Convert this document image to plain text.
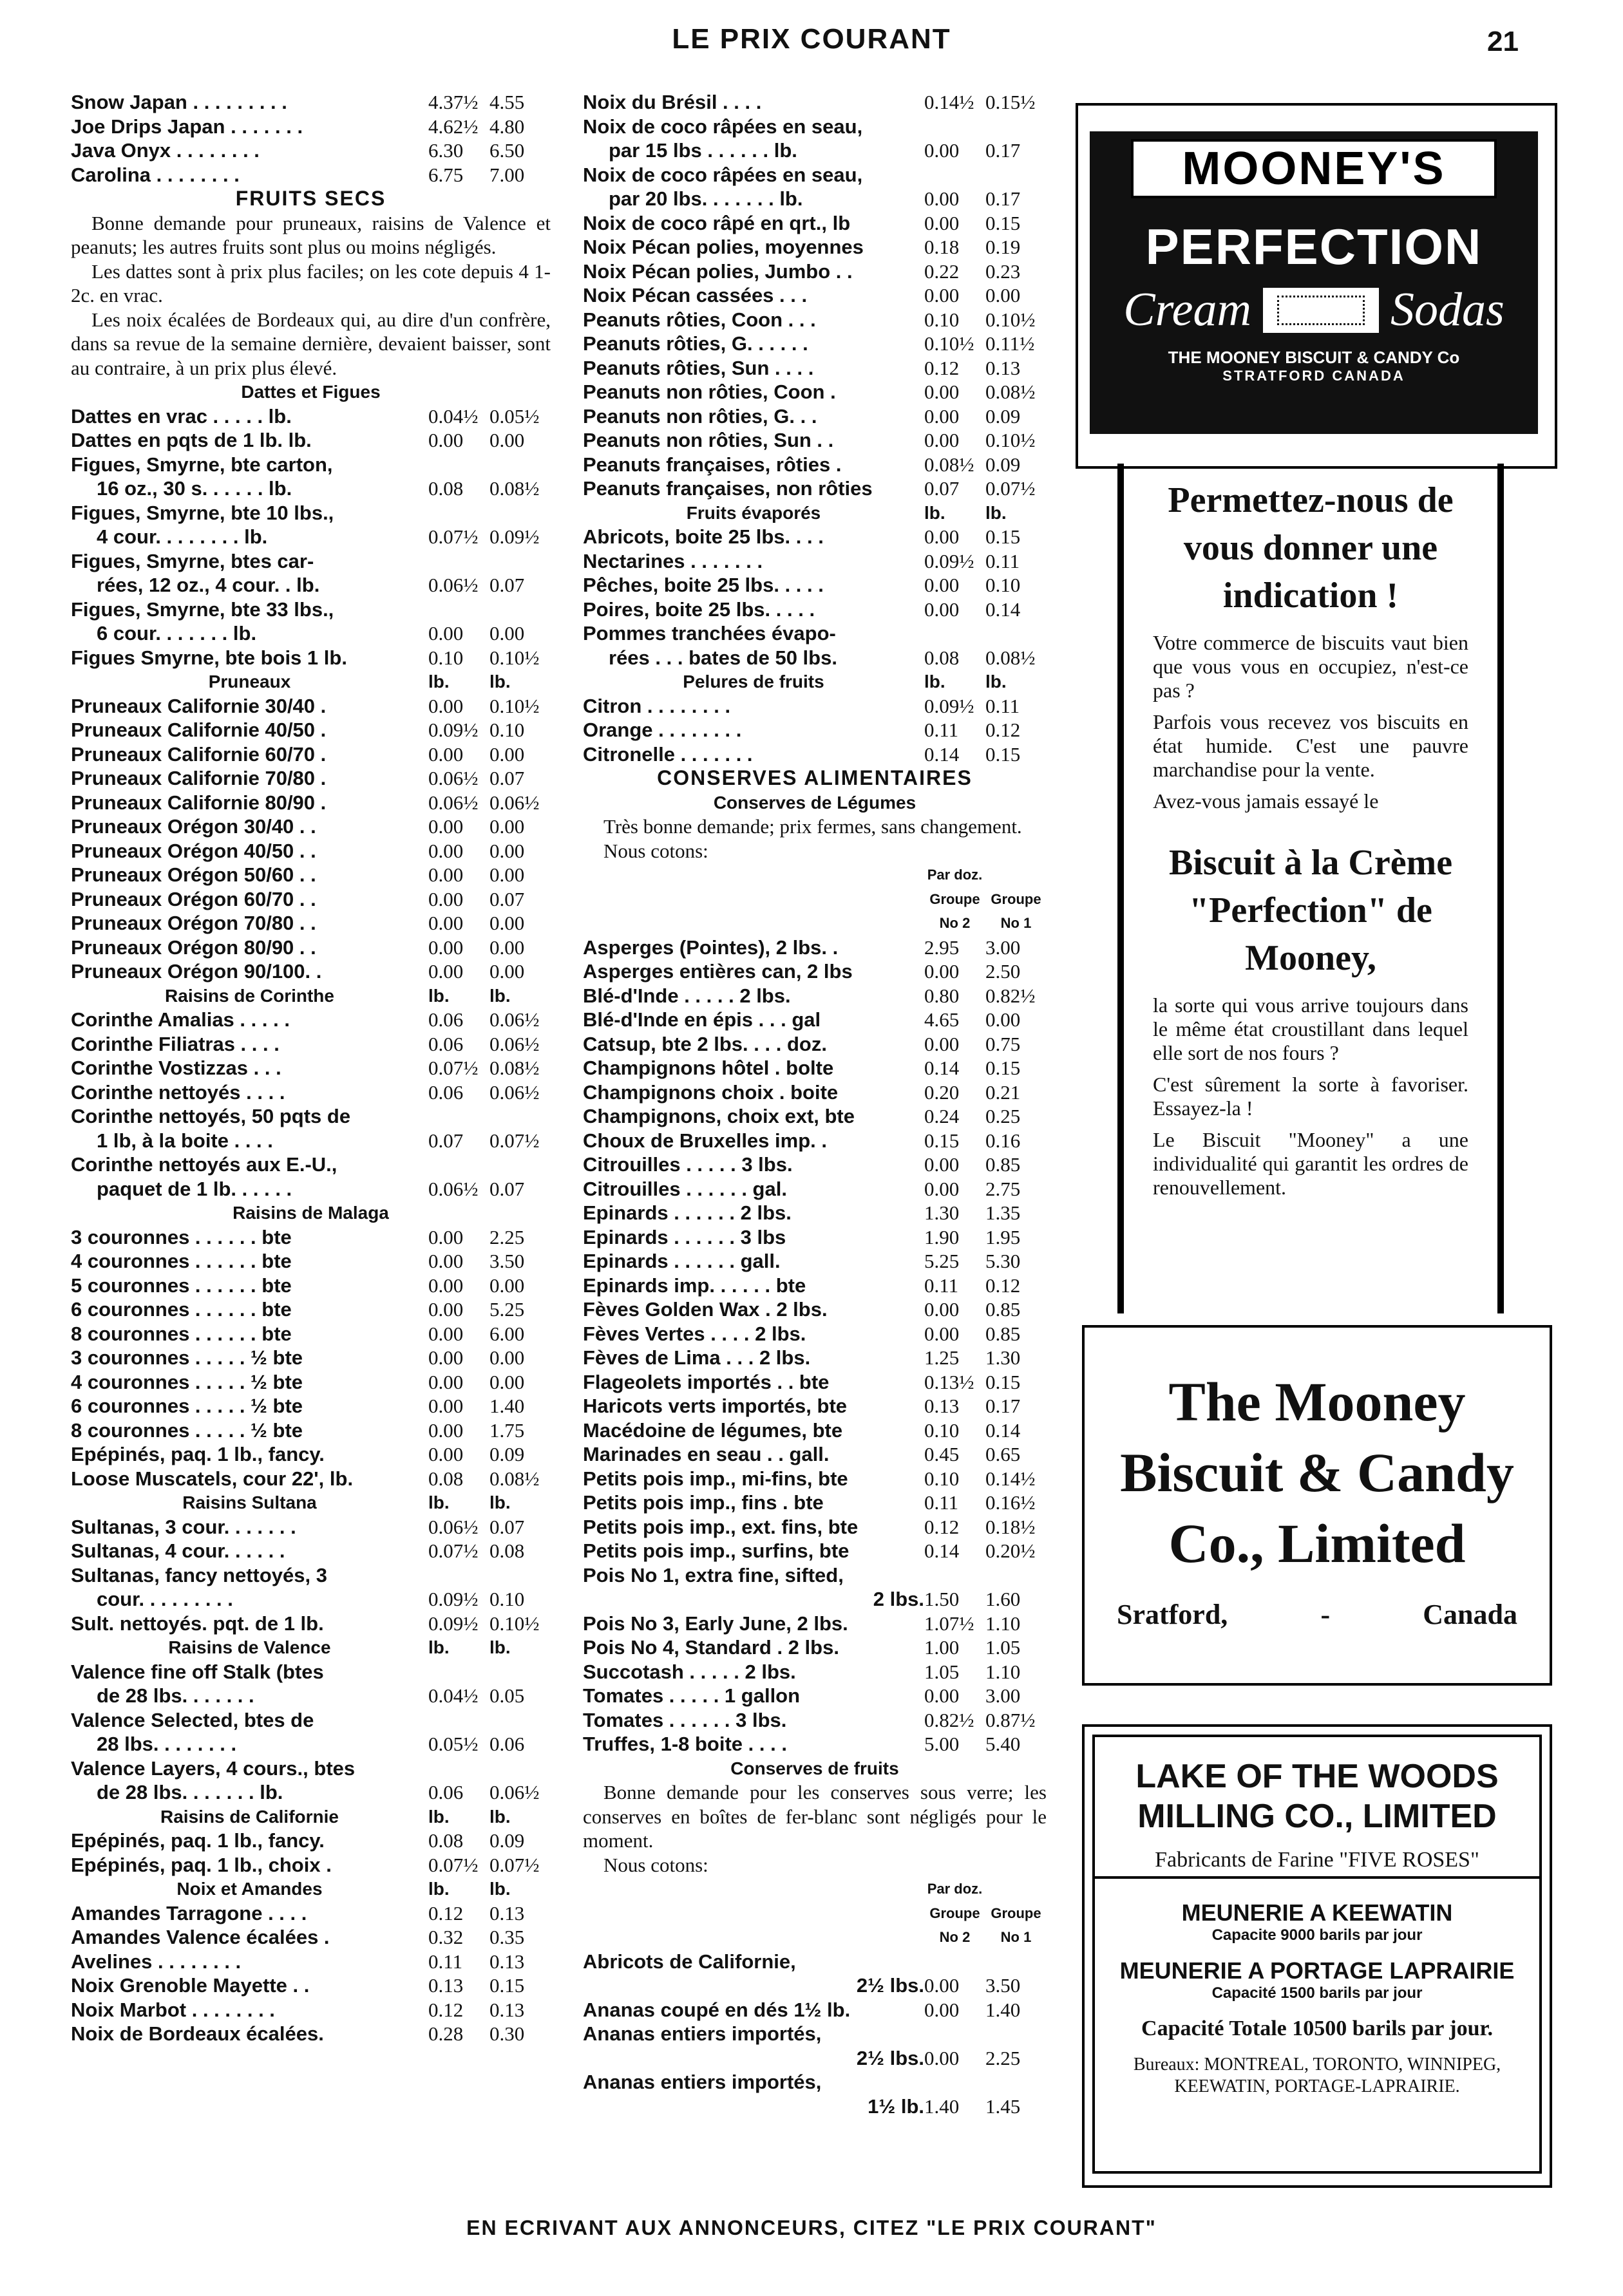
LE PRIX COURANT	21
Snow Japan . . . . . . . . .	4.37½ 4.55
Joe Drips Japan . . . . . . .	4.62½ 4.80
Java Onyx . . . . . . . .	6.30	6.50
Carolina . . . . . . . .	6.75	7.00
FRUITS SECS
Bonne demande pour pruneaux, raisins de Valence et peanuts; les autres fruits sont plus ou moins négligés.
Les dattes sont à prix plus faciles; on les cote depuis 4 1-2c. en vrac.
Les noix écalées de Bordeaux qui, au dire d'un confrère, dans sa revue de la semaine dernière, devaient baisser, sont au contraire, à un prix plus élevé.
Dattes et Figues
Dattes en vrac . . . . . lb.	0.04½ 0.05½
Dattes en pqts de 1 lb. lb.	0.00	0.00
Figues, Smyrne, bte carton,
16 oz., 30 s. . . . . . lb.	0.08	0.08½
Figues, Smyrne, bte 10 lbs.,
4 cour. . . . . . . . lb.	0.07½ 0.09½
Figues, Smyrne, btes car-
rées, 12 oz., 4 cour. . lb.	0.06½ 0.07
Figues, Smyrne, bte 33 lbs.,
6 cour. . . . . . . lb.	0.00	0.00
Figues Smyrne, bte bois 1 lb.	0.10	0.10½
Pruneaux	lb.	lb.
Pruneaux Californie 30/40 .	0.00	0.10½
Pruneaux Californie 40/50 .	0.09½ 0.10
Pruneaux Californie 60/70 .	0.00	0.00
Pruneaux Californie 70/80 .	0.06½ 0.07
Pruneaux Californie 80/90 .	0.06½ 0.06½
Pruneaux Orégon 30/40 . .	0.00	0.00
Pruneaux Orégon 40/50 . .	0.00	0.00
Pruneaux Orégon 50/60 . .	0.00	0.00
Pruneaux Orégon 60/70 . .	0.00	0.07
Pruneaux Orégon 70/80 . .	0.00	0.00
Pruneaux Orégon 80/90 . .	0.00	0.00
Pruneaux Orégon 90/100. .	0.00	0.00
Raisins de Corinthe	lb.	lb.
Corinthe Amalias . . . . .	0.06	0.06½
Corinthe Filiatras . . . .	0.06	0.06½
Corinthe Vostizzas . . .	0.07½ 0.08½
Corinthe nettoyés . . . .	0.06	0.06½
Corinthe nettoyés, 50 pqts de
1 lb, à la boite . . . .	0.07	0.07½
Corinthe nettoyés aux E.-U.,
paquet de 1 lb. . . . . .	0.06½ 0.07
Raisins de Malaga
3 couronnes . . . . . . bte	0.00	2.25
4 couronnes . . . . . . bte	0.00	3.50
5 couronnes . . . . . . bte	0.00	0.00
6 couronnes . . . . . . bte	0.00	5.25
8 couronnes . . . . . . bte	0.00	6.00
3 couronnes . . . . . ½ bte	0.00	0.00
4 couronnes . . . . . ½ bte	0.00	0.00
6 couronnes . . . . . ½ bte	0.00	1.40
8 couronnes . . . . . ½ bte	0.00	1.75
Epépinés, paq. 1 lb., fancy.	0.00	0.09
Loose Muscatels, cour 22', lb.	0.08	0.08½
Raisins Sultana	lb.	lb.
Sultanas, 3 cour. . . . . . .	0.06½ 0.07
Sultanas, 4 cour. . . . . .	0.07½ 0.08
Sultanas, fancy nettoyés, 3
cour. . . . . . . . .	0.09½ 0.10
Sult. nettoyés. pqt. de 1 lb.	0.09½ 0.10½
Raisins de Valence	lb.	lb.
Valence fine off Stalk (btes
de 28 lbs. . . . . . .	0.04½ 0.05
Valence Selected, btes de
28 lbs. . . . . . . .	0.05½ 0.06
Valence Layers, 4 cours., btes
de 28 lbs. . . . . . . lb.	0.06	0.06½
Raisins de Californie	lb.	lb.
Epépinés, paq. 1 lb., fancy.	0.08	0.09
Epépinés, paq. 1 lb., choix .	0.07½ 0.07½
Noix et Amandes	lb.	lb.
Amandes Tarragone . . . .	0.12	0.13
Amandes Valence écalées .	0.32	0.35
Avelines . . . . . . . .	0.11	0.13
Noix Grenoble Mayette . .	0.13	0.15
Noix Marbot . . . . . . . .	0.12	0.13
Noix de Bordeaux écalées.	0.28	0.30
Noix du Brésil . . . .	0.14½ 0.15½
Noix de coco râpées en seau,
par 15 lbs . . . . . . lb.	0.00	0.17
Noix de coco râpées en seau,
par 20 lbs. . . . . . . lb.	0.00	0.17
Noix de coco râpé en qrt., lb	0.00	0.15
Noix Pécan polies, moyennes	0.18	0.19
Noix Pécan polies, Jumbo . .	0.22	0.23
Noix Pécan cassées . . .	0.00	0.00
Peanuts rôties, Coon . . .	0.10	0.10½
Peanuts rôties, G. . . . . .	0.10½ 0.11½
Peanuts rôties, Sun . . . .	0.12	0.13
Peanuts non rôties, Coon .	0.00	0.08½
Peanuts non rôties, G. . .	0.00	0.09
Peanuts non rôties, Sun . .	0.00	0.10½
Peanuts françaises, rôties .	0.08½ 0.09
Peanuts françaises, non rôties	0.07	0.07½
Fruits évaporés	lb.	lb.
Abricots, boite 25 lbs. . . .	0.00	0.15
Nectarines . . . . . . .	0.09½ 0.11
Pêches, boite 25 lbs. . . . .	0.00	0.10
Poires, boite 25 lbs. . . . .	0.00	0.14
Pommes tranchées évapo-
rées . . . bates de 50 lbs.	0.08	0.08½
Pelures de fruits	lb.	lb.
Citron . . . . . . . .	0.09½ 0.11
Orange . . . . . . . .	0.11	0.12
Citronelle . . . . . . .	0.14	0.15
CONSERVES ALIMENTAIRES
Conserves de Légumes
Très bonne demande; prix fermes, sans changement.
Nous cotons:
Par doz.
Groupe Groupe
No 2	No 1
Asperges (Pointes), 2 lbs. .	2.95	3.00
Asperges entières can, 2 lbs	0.00	2.50
Blé-d'Inde . . . . . 2 lbs.	0.80	0.82½
Blé-d'Inde en épis . . . gal	4.65	0.00
Catsup, bte 2 lbs. . . . doz.	0.00	0.75
Champignons hôtel . bolte	0.14	0.15
Champignons choix . boite	0.20	0.21
Champignons, choix ext, bte	0.24	0.25
Choux de Bruxelles imp. .	0.15	0.16
Citrouilles . . . . . 3 lbs.	0.00	0.85
Citrouilles . . . . . . gal.	0.00	2.75
Epinards . . . . . . 2 lbs.	1.30	1.35
Epinards . . . . . . 3 lbs	1.90	1.95
Epinards . . . . . . gall.	5.25	5.30
Epinards imp. . . . . . bte	0.11	0.12
Fèves Golden Wax . 2 lbs.	0.00	0.85
Fèves Vertes . . . . 2 lbs.	0.00	0.85
Fèves de Lima . . . 2 lbs.	1.25	1.30
Flageolets importés . . bte	0.13½ 0.15
Haricots verts importés, bte	0.13	0.17
Macédoine de légumes, bte	0.10	0.14
Marinades en seau . . gall.	0.45	0.65
Petits pois imp., mi-fins, bte	0.10	0.14½
Petits pois imp., fins . bte	0.11	0.16½
Petits pois imp., ext. fins, bte	0.12	0.18½
Petits pois imp., surfins, bte	0.14	0.20½
Pois No 1, extra fine, sifted,
2 lbs. 1.50	1.60
Pois No 3, Early June, 2 lbs.	1.07½ 1.10
Pois No 4, Standard . 2 lbs.	1.00	1.05
Succotash . . . . . 2 lbs.	1.05	1.10
Tomates . . . . . 1 gallon	0.00	3.00
Tomates . . . . . . 3 lbs.	0.82½ 0.87½
Truffes, 1-8 boite . . . .	5.00	5.40
Conserves de fruits
Bonne demande pour les conserves sous verre; les conserves en boîtes de fer-blanc sont négligés pour le moment.
Nous cotons:
Par doz.
Groupe Groupe
No 2	No 1
Abricots de Californie,
2½ lbs. 0.00	3.50
Ananas coupé en dés 1½ lb.	0.00	1.40
Ananas entiers importés,
2½ lbs. 0.00	2.25
Ananas entiers importés,
1½ lb. 1.40	1.45
MOONEY'S
PERFECTION
Cream	Sodas
THE MOONEY BISCUIT & CANDY Co
STRATFORD CANADA
Permettez-nous de vous donner une indication !

Votre commerce de biscuits vaut bien que vous vous en occupiez, n'est-ce pas ?

Parfois vous recevez vos biscuits en état humide. C'est une pauvre marchandise pour la vente.

Avez-vous jamais essayé le

Biscuit à la Crème "Perfection" de Mooney,

la sorte qui vous arrive toujours dans le même état croustillant dans lequel elle sort de nos fours ?

C'est sûrement la sorte à favoriser. Essayez-la !

Le Biscuit "Mooney" a une individualité qui garantit les ordres de renouvellement.

The Mooney Biscuit & Candy Co., Limited
Sratford,	-	Canada
LAKE OF THE WOODS MILLING CO., LIMITED
Fabricants de Farine "FIVE ROSES"
MEUNERIE A KEEWATIN
Capacite 9000 barils par jour
MEUNERIE A PORTAGE LAPRAIRIE
Capacité 1500 barils par jour
Capacité Totale 10500 barils par jour.
Bureaux: MONTREAL, TORONTO, WINNIPEG, KEEWATIN, PORTAGE-LAPRAIRIE.
EN ECRIVANT AUX ANNONCEURS, CITEZ "LE PRIX COURANT"
